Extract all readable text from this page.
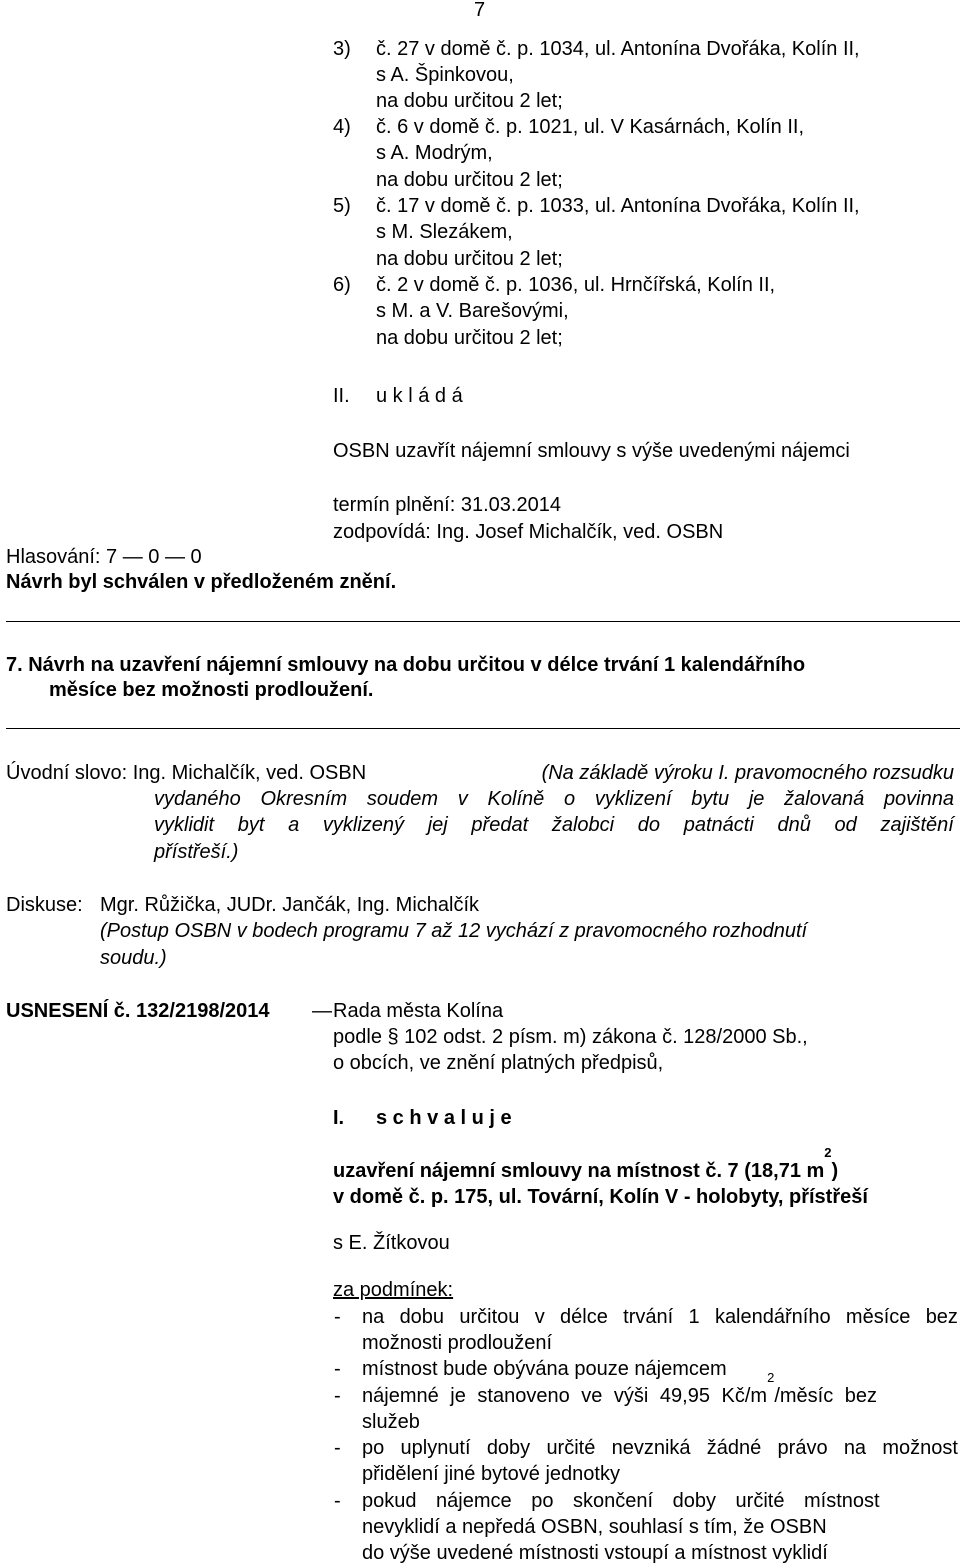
7
3) č. 27 v domě č. p. 1034, ul. Antonína Dvořáka, Kolín II,
s A. Špinkovou,
na dobu určitou 2 let;
4) č. 6 v domě č. p. 1021, ul. V Kasárnách, Kolín II,
s A. Modrým,
na dobu určitou 2 let;
5) č. 17 v domě č. p. 1033, ul. Antonína Dvořáka, Kolín II,
s M. Slezákem,
na dobu určitou 2 let;
6) č. 2 v domě č. p. 1036, ul. Hrnčířská, Kolín II,
s M. a V. Barešovými,
na dobu určitou 2 let;
II. u k l á d á
OSBN uzavřít nájemní smlouvy s výše uvedenými nájemci
termín plnění: 31.03.2014
zodpovídá: Ing. Josef Michalčík, ved. OSBN
Hlasování: 7 — 0 — 0
Návrh byl schválen v předloženém znění.
7. Návrh na uzavření nájemní smlouvy na dobu určitou v délce trvání 1 kalendářního
měsíce bez možnosti prodloužení.
Úvodní slovo: Ing. Michalčík, ved. OSBN	(Na základě výroku I. pravomocného rozsudku
vydaného Okresním soudem v Kolíně o vyklizení bytu je žalovaná povinna
vyklidit byt a vyklizený jej předat žalobci do patnácti dnů od zajištění
přístřeší.)
Diskuse: Mgr. Růžička, JUDr. Jančák, Ing. Michalčík
(Postup OSBN v bodech programu 7 až 12 vychází z pravomocného rozhodnutí
soudu.)
USNESENÍ č. 132/2198/2014 — Rada města Kolína
podle § 102 odst. 2 písm. m) zákona č. 128/2000 Sb.,
o obcích, ve znění platných předpisů,
I. s c h v a l u j e
uzavření nájemní smlouvy na místnost č. 7 (18,71 $m^2$)
v domě č. p. 175, ul. Tovární, Kolín V - holobyty, přístřeší
s E. Žítkovou
za podmínek:
- na dobu určitou v délce trvání 1 kalendářního měsíce bez
možnosti prodloužení
- místnost bude obývána pouze nájemcem
- nájemné je stanoveno ve výši 49,95 $Kč/m^2$/měsíc bez
služeb
- po uplynutí doby určité nevzniká žádné právo na možnost
přidělení jiné bytové jednotky
- pokud nájemce po skončení doby určité místnost
nevyklidí a nepředá OSBN, souhlasí s tím, že OSBN
do výše uvedené místnosti vstoupí a místnost vyklidí
